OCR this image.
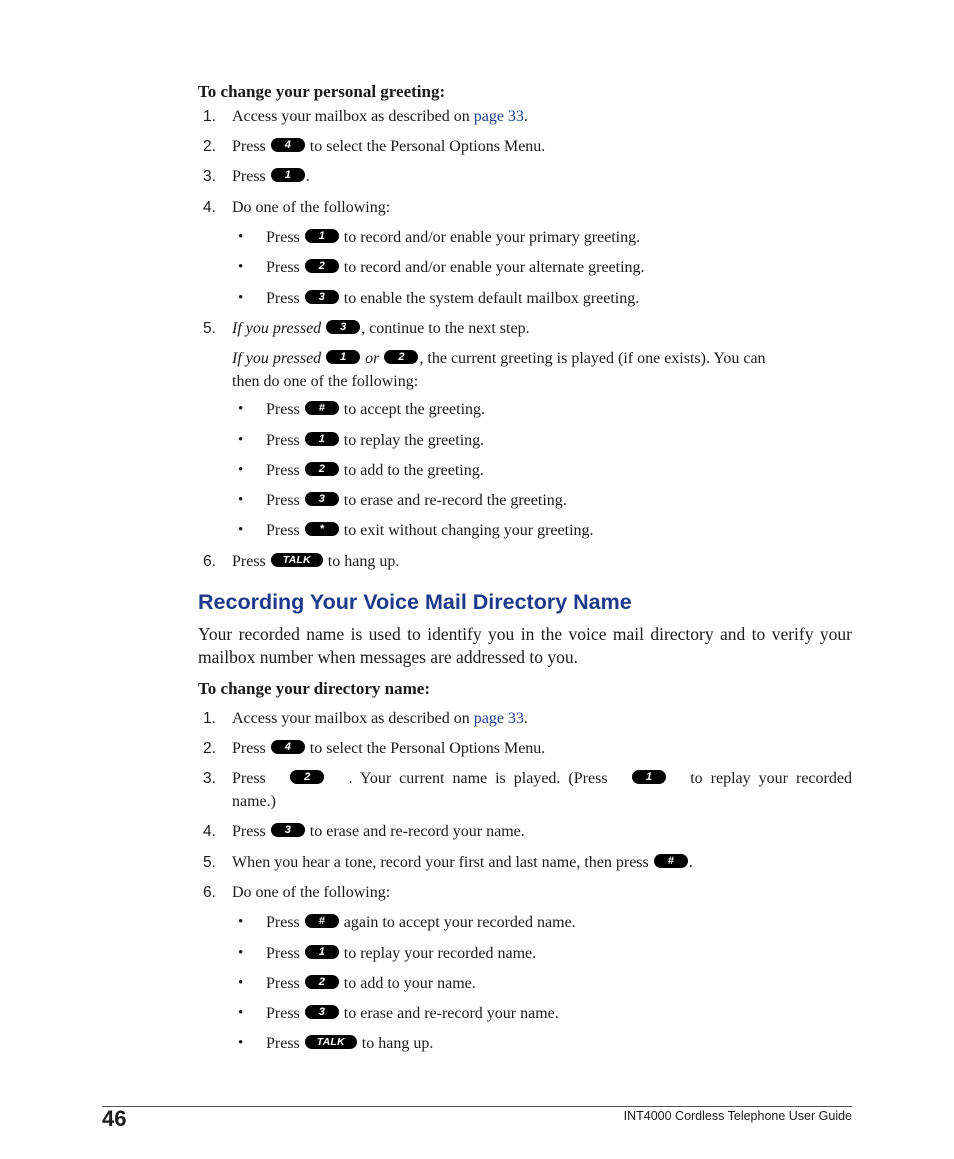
To change your personal greeting:
1. Access your mailbox as described on page 33.
2. Press 4 to select the Personal Options Menu.
3. Press 1 .
4. Do one of the following:
• Press 1 to record and/or enable your primary greeting.
• Press 2 to record and/or enable your alternate greeting.
• Press 3 to enable the system default mailbox greeting.
5. If you pressed 3 , continue to the next step.
If you pressed 1 or 2 , the current greeting is played (if one exists). You can
then do one of the following:
• Press # to accept the greeting.
• Press 1 to replay the greeting.
• Press 2 to add to the greeting.
• Press 3 to erase and re-record the greeting.
• Press * to exit without changing your greeting.
6. Press TALK to hang up.
Recording Your Voice Mail Directory Name
Your recorded name is used to identify you in the voice mail directory and to verify your mailbox number when messages are addressed to you.
To change your directory name:
1. Access your mailbox as described on page 33.
2. Press 4 to select the Personal Options Menu.
3. Press	2	. Your current name is played. (Press	1	to replay your recorded
name.)
4. Press 3 to erase and re-record your name.
5. When you hear a tone, record your first and last name, then press # .
6. Do one of the following:
• Press # again to accept your recorded name.
• Press 1 to replay your recorded name.
• Press 2 to add to your name.
• Press 3 to erase and re-record your name.
• Press TALK to hang up.
46	INT4000 Cordless Telephone User Guide
